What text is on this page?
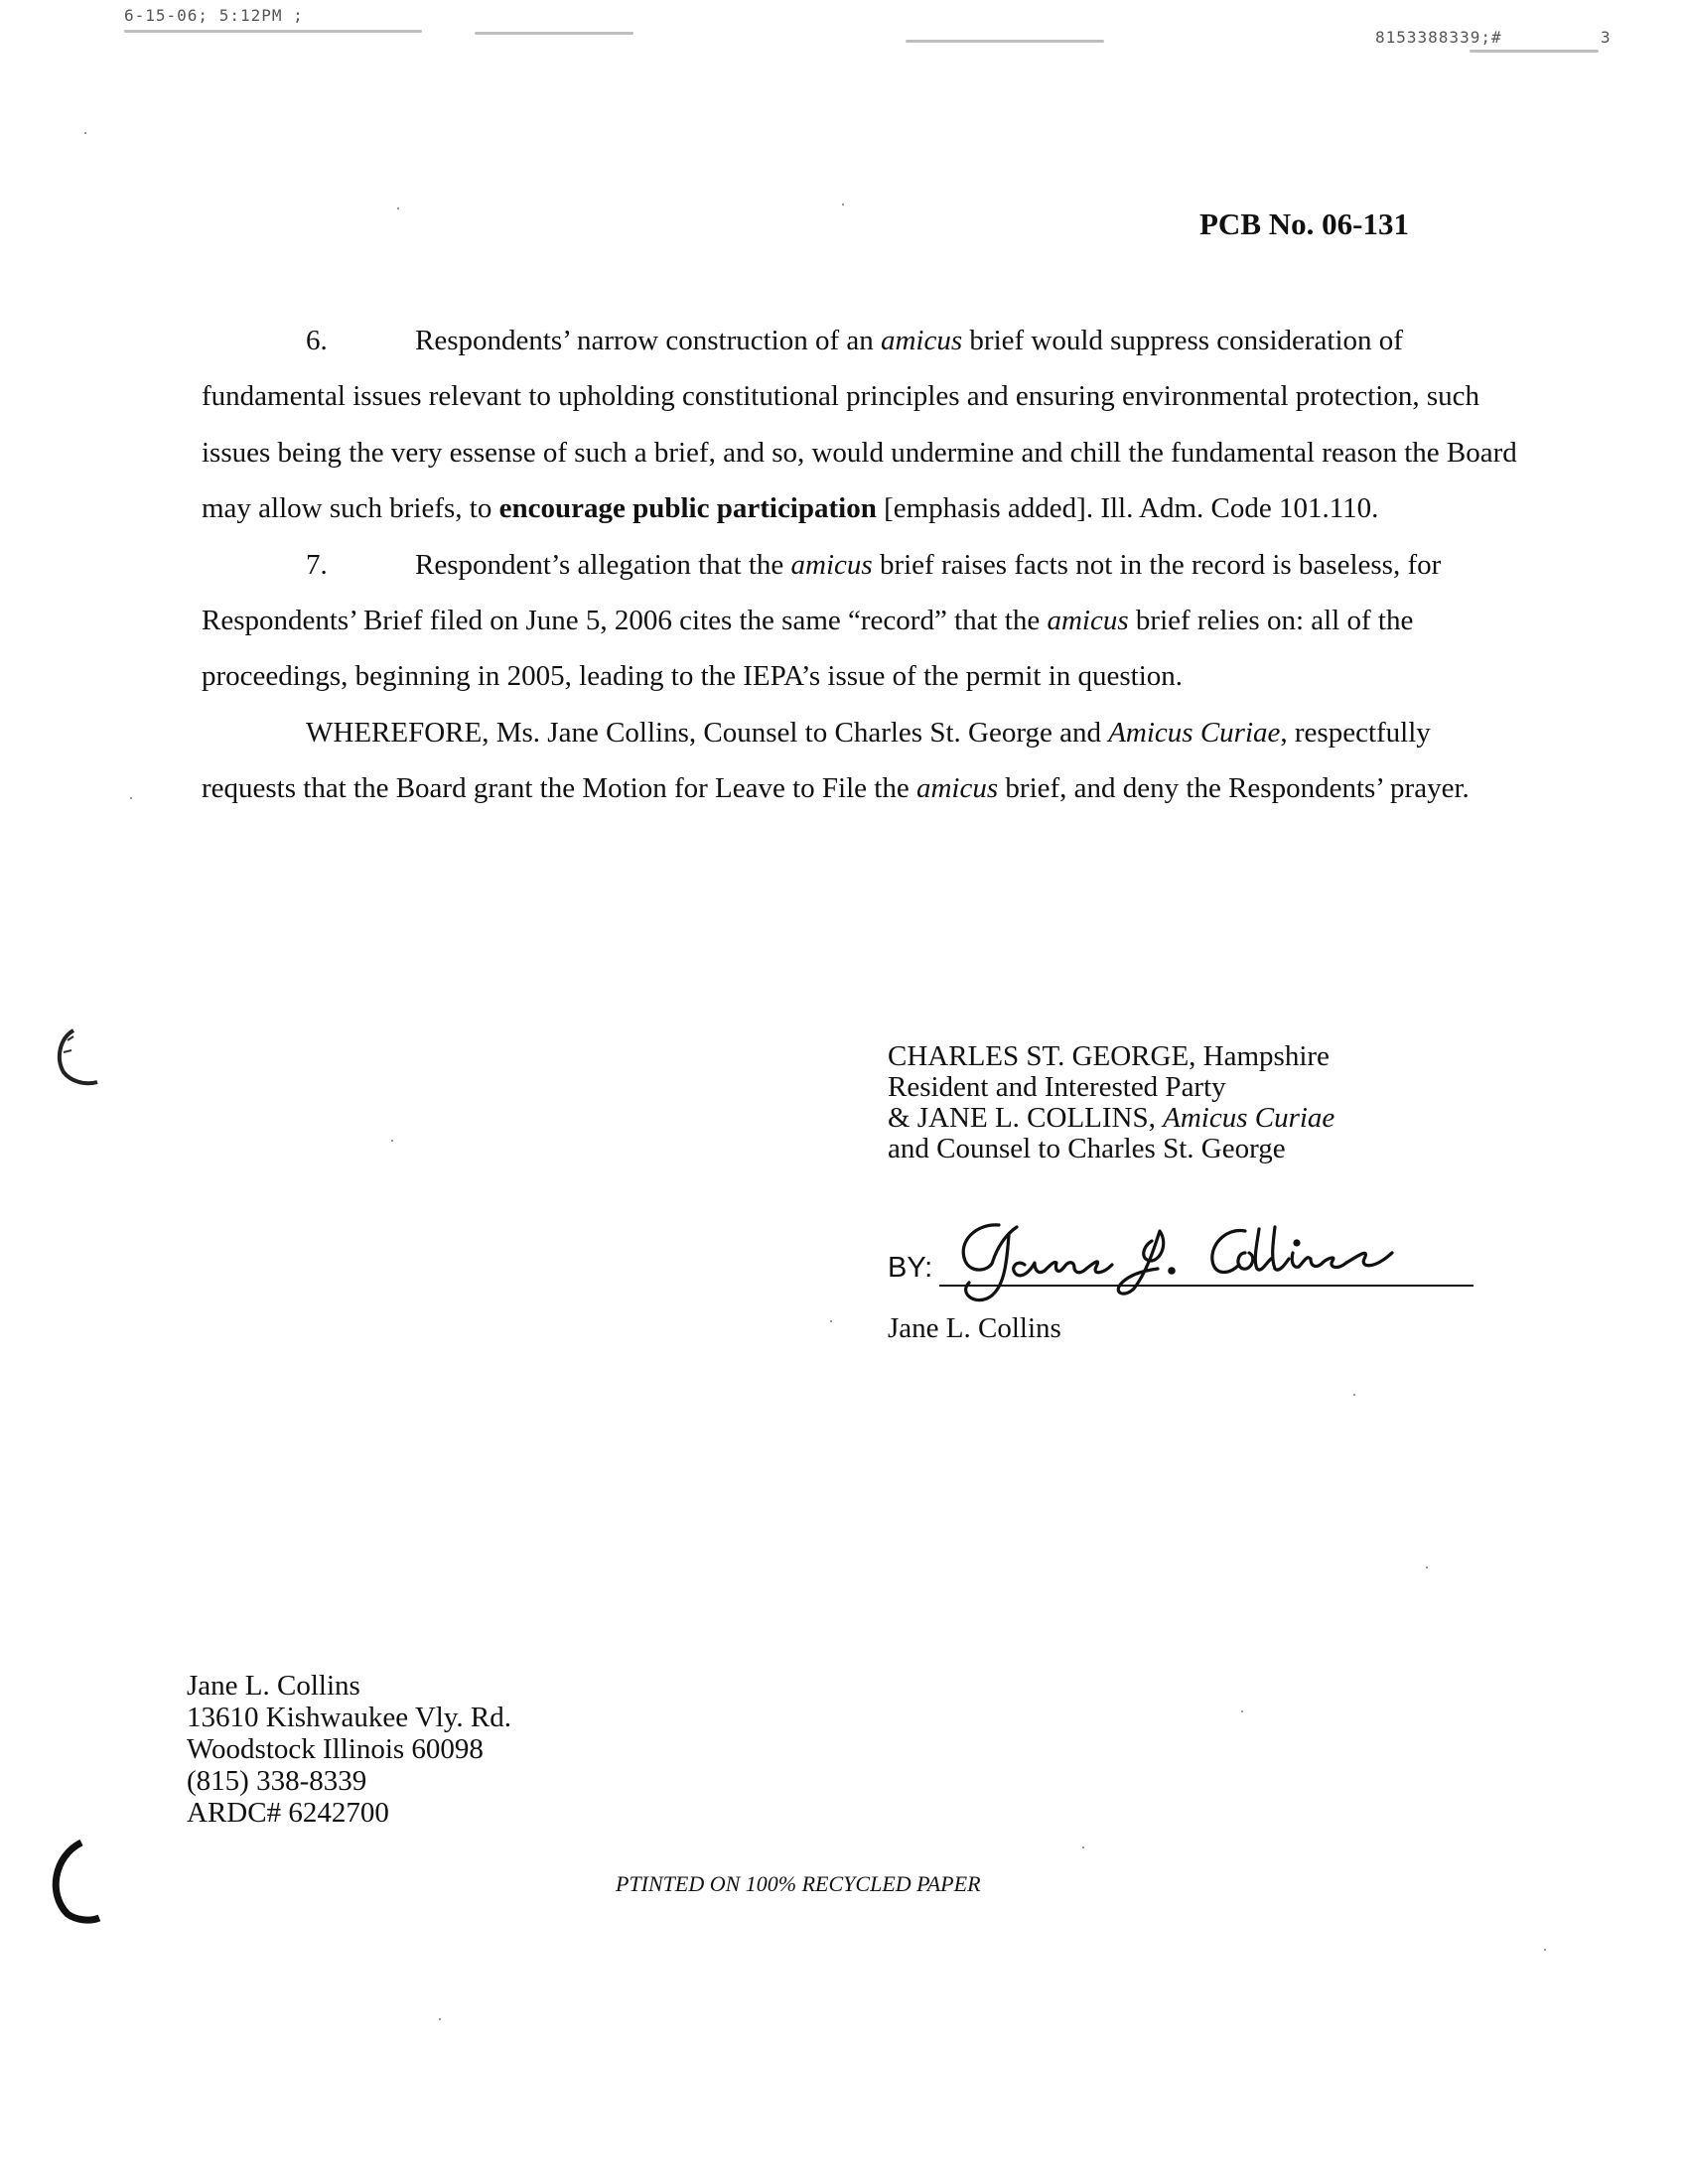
6-15-06; 5:12PM ;
8153388339;#	3
PCB No. 06-131

6.	Respondents’ narrow construction of an amicus brief would suppress consideration of fundamental issues relevant to upholding constitutional principles and ensuring environmental protection, such issues being the very essense of such a brief, and so, would undermine and chill the fundamental reason the Board may allow such briefs, to encourage public participation [emphasis added]. Ill. Adm. Code 101.110.

7.	Respondent’s allegation that the amicus brief raises facts not in the record is baseless, for Respondents’ Brief filed on June 5, 2006 cites the same “record” that the amicus brief relies on: all of the proceedings, beginning in 2005, leading to the IEPA’s issue of the permit in question.

WHEREFORE, Ms. Jane Collins, Counsel to Charles St. George and Amicus Curiae, respectfully requests that the Board grant the Motion for Leave to File the amicus brief, and deny the Respondents’ prayer.

CHARLES ST. GEORGE, Hampshire
Resident and Interested Party
& JANE L. COLLINS, Amicus Curiae
and Counsel to Charles St. George
BY:
Jane L. Collins
Jane L. Collins
13610 Kishwaukee Vly. Rd.
Woodstock Illinois 60098
(815) 338-8339
ARDC# 6242700
PTINTED ON 100% RECYCLED PAPER
